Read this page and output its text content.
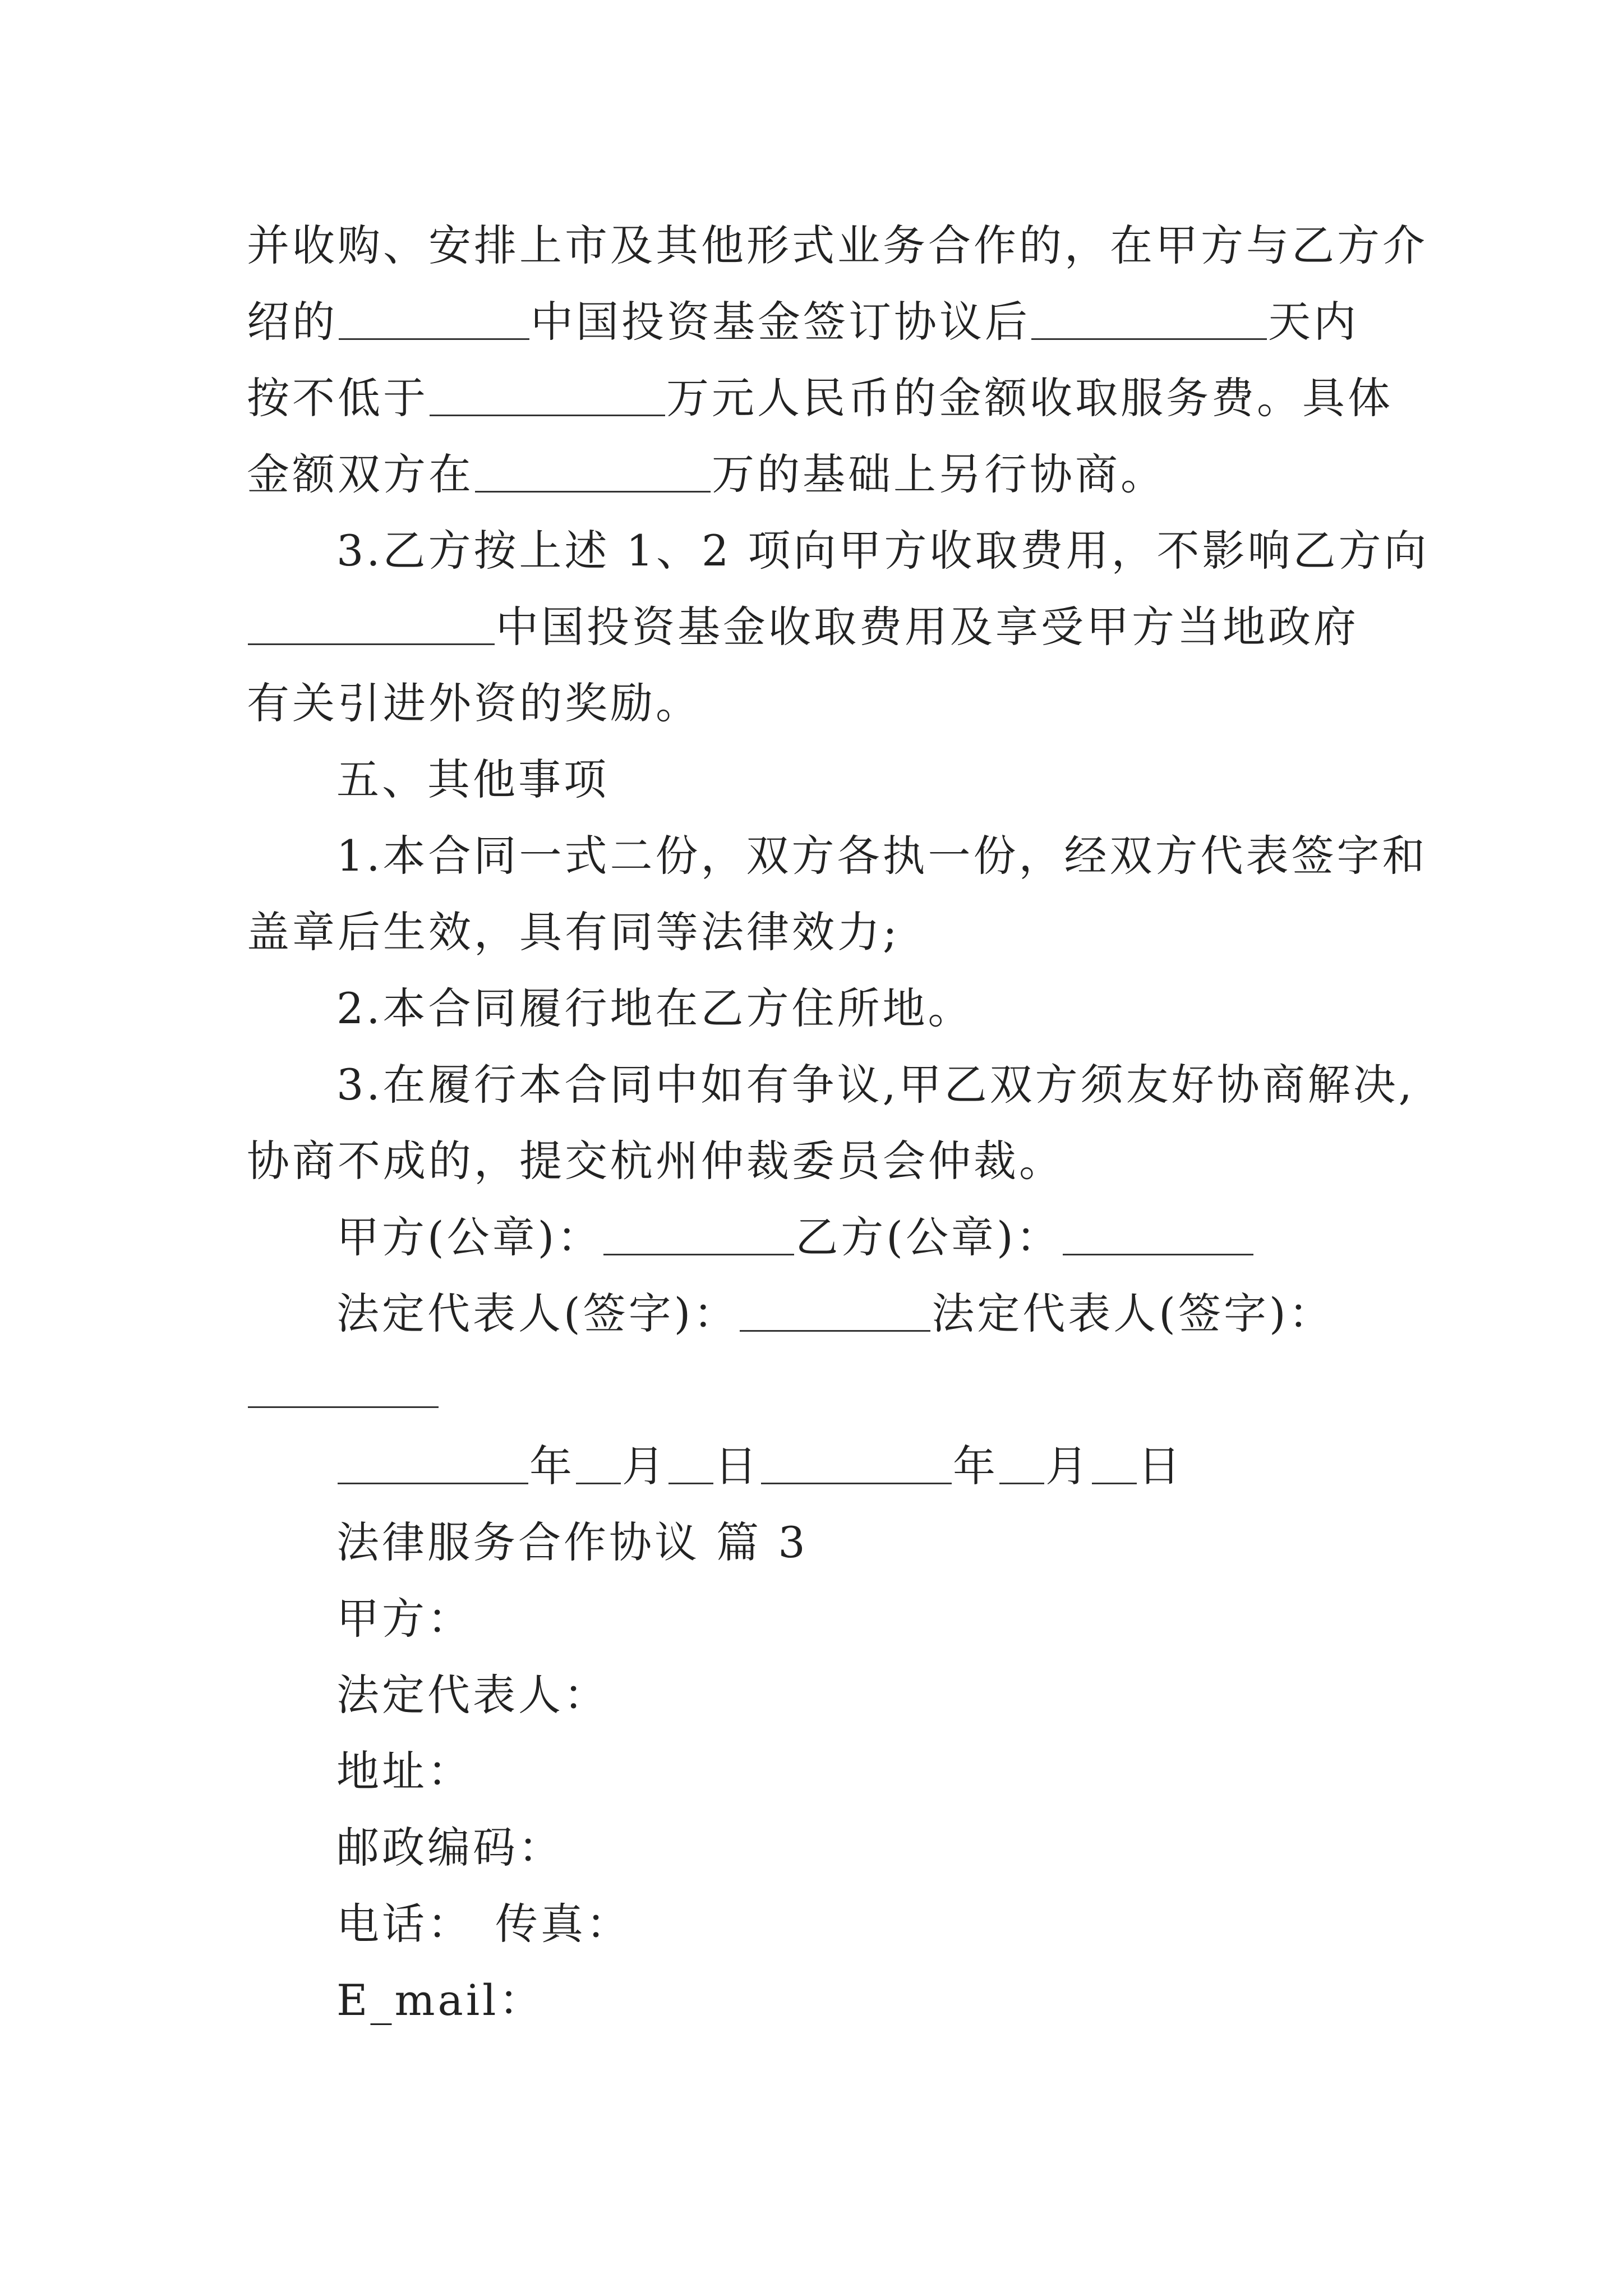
并收购、安排上市及其他形式业务合作的，在甲方与乙方介
绍的	中国投资基金签订协议后	天内
按不低于	万元人民币的金额收取服务费。具体
金额双方在	万的基础上另行协商。
3.乙方按上述 1、2 项向甲方收取费用，不影响乙方向
中国投资基金收取费用及享受甲方当地政府
有关引进外资的奖励。
五、其他事项
1.本合同一式二份，双方各执一份，经双方代表签字和
盖章后生效，具有同等法律效力;
2.本合同履行地在乙方住所地。
3.在履行本合同中如有争议,甲乙双方须友好协商解决,
协商不成的，提交杭州仲裁委员会仲裁。
甲方(公章)：	乙方(公章)：
法定代表人(签字)：	法定代表人(签字)：
年 月 日	年 月 日
法律服务合作协议 篇 3
甲方：
法定代表人：
地址：
邮政编码：
电话： 传真：
E_mail：
